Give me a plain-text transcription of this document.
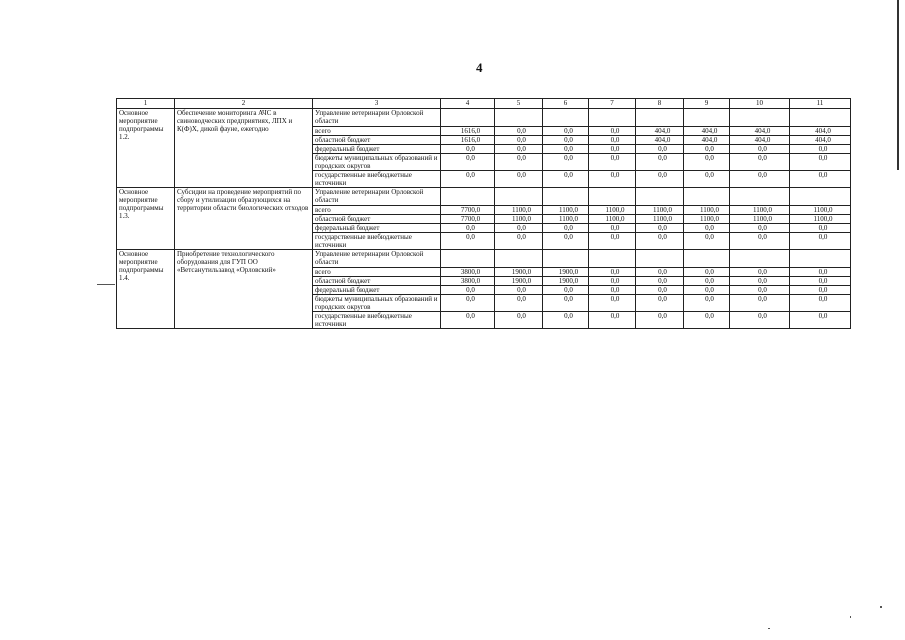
4
1	2	3	4	5	6	7	8	9	10	11
Основное мероприятие подпрограммы 1.2.	Обеспечение мониторинга АЧС в свиноводческих предприятиях, ЛПХ и К(Ф)Х, дикой фауне, ежегодно	Управление ветеринарии Орловской области								
		всего	1616,0	0,0	0,0	0,0	404,0	404,0	404,0	404,0
		областной бюджет	1616,0	0,0	0,0	0,0	404,0	404,0	404,0	404,0
		федеральный бюджет	0,0	0,0	0,0	0,0	0,0	0,0	0,0	0,0
		бюджеты муниципальных образований и городских округов	0,0	0,0	0,0	0,0	0,0	0,0	0,0	0,0
		государственные внебюджетные источники	0,0	0,0	0,0	0,0	0,0	0,0	0,0	0,0
Основное мероприятие подпрограммы 1.3.	Субсидии на проведение мероприятий по сбору и утилизации образующихся на территории области биологических отходов	Управление ветеринарии Орловской области								
		всего	7700,0	1100,0	1100,0	1100,0	1100,0	1100,0	1100,0	1100,0
		областной бюджет	7700,0	1100,0	1100,0	1100,0	1100,0	1100,0	1100,0	1100,0
		федеральный бюджет	0,0	0,0	0,0	0,0	0,0	0,0	0,0	0,0
		государственные внебюджетные источники	0,0	0,0	0,0	0,0	0,0	0,0	0,0	0,0
Основное мероприятие подпрограммы 1.4.	Приобретение технологического оборудования для ГУП ОО «Ветсанутильзавод «Орловский»	Управление ветеринарии Орловской области								
		всего	3800,0	1900,0	1900,0	0,0	0,0	0,0	0,0	0,0
		областной бюджет	3800,0	1900,0	1900,0	0,0	0,0	0,0	0,0	0,0
		федеральный бюджет	0,0	0,0	0,0	0,0	0,0	0,0	0,0	0,0
		бюджеты муниципальных образований и городских округов	0,0	0,0	0,0	0,0	0,0	0,0	0,0	0,0
		государственные внебюджетные источники	0,0	0,0	0,0	0,0	0,0	0,0	0,0	0,0
